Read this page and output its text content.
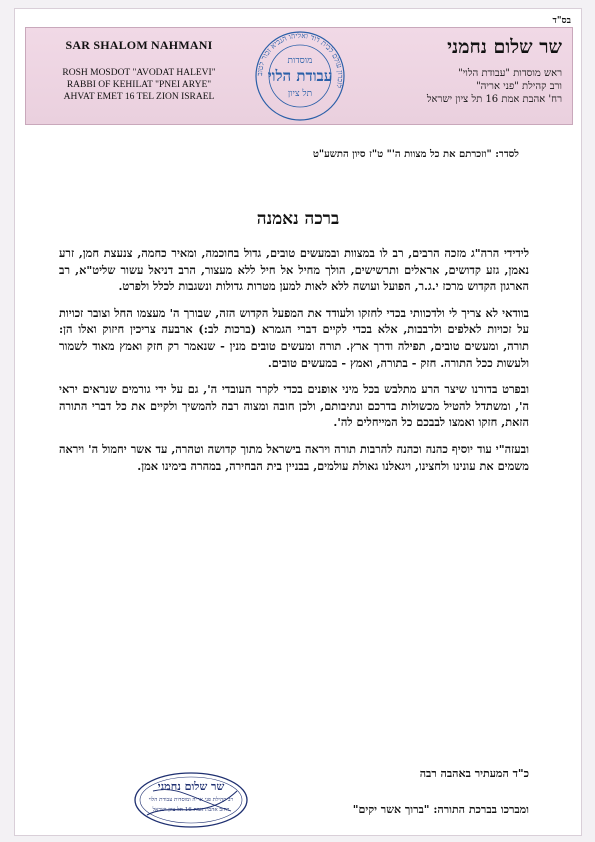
בס"ד
שר שלום נחמני
ראש מוסדות "עבודת הלוי"
ורב קהילת "פני אריה"
רח' אהבת אמת 16 תל ציון ישראל
לזכרון עולם לבית דוד ואליהו הנביא זכור לטוב
מוסדות
עבודת הלוי
תל ציון
SAR SHALOM NAHMANI
ROSH MOSDOT "AVODAT HALEVI"
RABBI OF KEHILAT "PNEI ARYE"
AHVAT EMET 16 TEL ZION ISRAEL
לסדר: "וזכרתם את כל מצוות ה'" ט"ז סיון התשע"ט
ברכה נאמנה

לידידי הרה"ג מזכה הרבים, רב לו במצוות ובמעשים טובים, גדול בחוכמה, ומאיר כחמה, צנעצת חמן, זרע נאמן, גזע קדושים, אראלים ותרשישים, הולך מחיל אל חיל ללא מעצור, הרב דניאל עשור שליט"א, רב הארגון הקדוש מרכז י.ג.ר, הפועל ועושה ללא לאות למען מטרות גדולות ונשגבות לכלל ולפרט.

בוודאי לא צריך לי ולדכוותי בכדי לחזקו ולעודד את המפעל הקדוש הזה, שבורך ה' מעצמו החל וצובר זכויות על זכויות לאלפים ולרבבות, אלא בכדי לקיים דברי הגמרא (ברכות לב:) ארבעה צריכין חיזוק ואלו הן: תורה, ומעשים טובים, תפילה ודרך ארץ. תורה ומעשים טובים מנין - שנאמר רק חזק ואמץ מאוד לשמור ולעשות ככל התורה. חזק - בתורה, ואמץ - במעשים טובים.

ובפרט בדורנו שיצר הרע מתלבש בכל מיני אופנים בכדי לקרר העובדי ה', גם על ידי גורמים שנראים יראי ה', ומשתדל להטיל מכשולות בדרכם ונתיבותם, ולכן חובה ומצוה רבה להמשיך ולקיים את כל דברי התורה הזאת, חזקו ואמצו לבבכם כל המייחלים לה'.

ובעזה"י עוד יוסיף כהנה וכהנה להרבות תורה ויראה בישראל מתוך קדושה וטהרה, עד אשר יחמול ה' ויראה משמים את עונינו ולחצינו, ויגאלנו גאולת עולמים, בבניין בית הבחירה, במהרה בימינו אמן.

כ"ד המעתיר באהבה רבה
ומברכו בברכת התורה: "ברוך אשר יקים"
שר שלום נחמני
רב קהילת פני אריה ומוסדות עבודת הלוי
רחוב אהבת אמת 16 תל ציון ישראל
